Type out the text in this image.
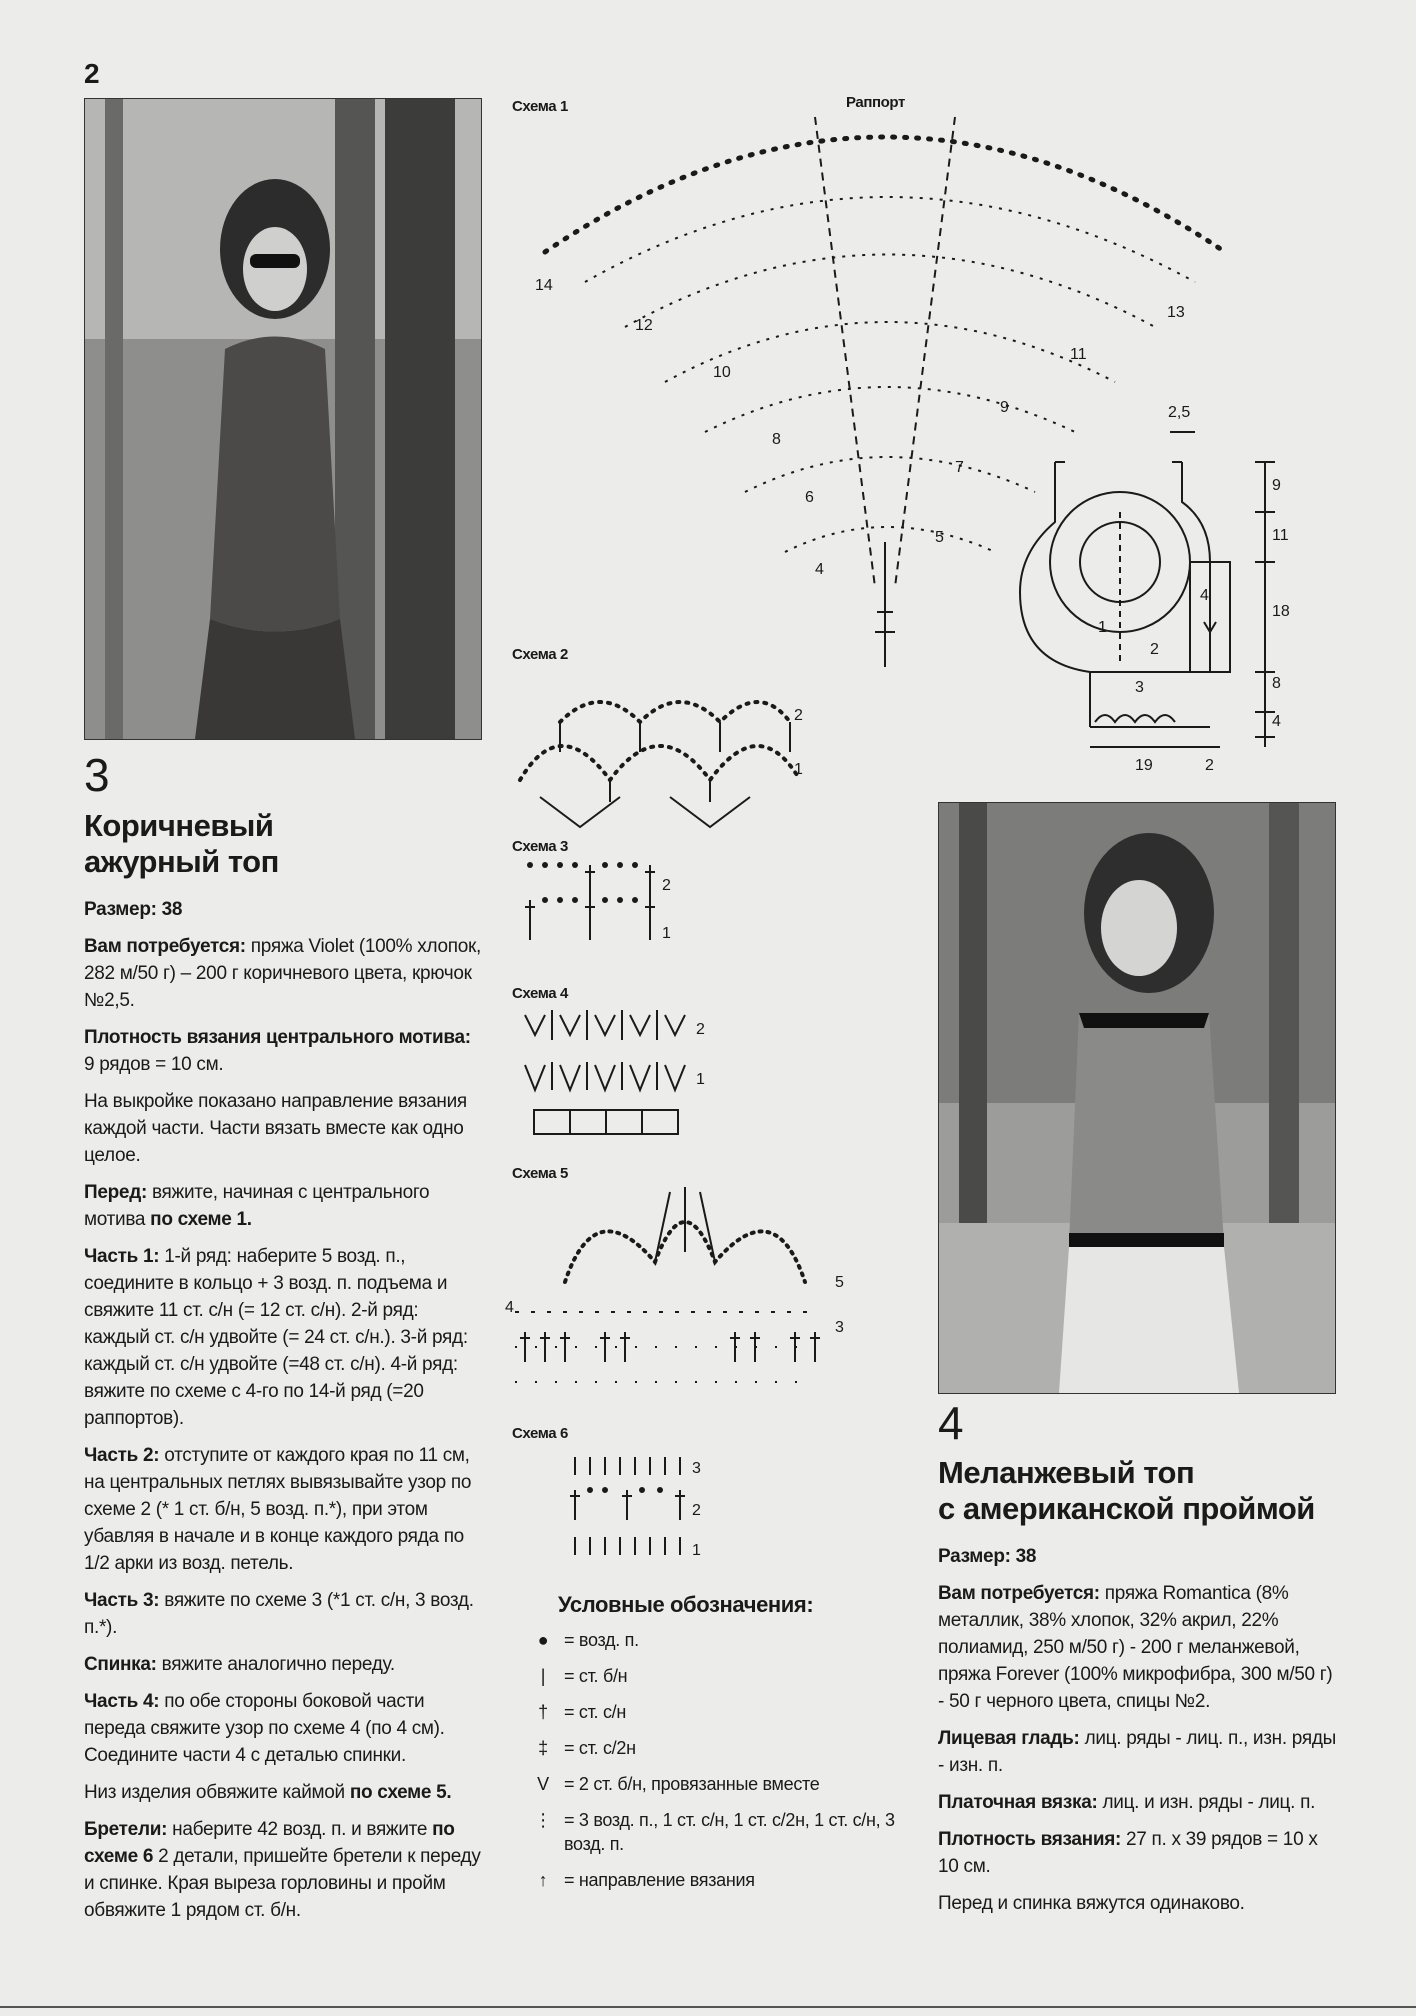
2
3
Коричневый
ажурный топ

Размер: 38

Вам потребуется: пряжа Violet (100% хлопок, 282 м/50 г) – 200 г коричневого цвета, крючок №2,5.

Плотность вязания центрального мотива: 9 рядов = 10 см.

На выкройке показано направление вязания каждой части. Части вязать вместе как одно целое.

Перед: вяжите, начиная с центрального мотива по схеме 1.

Часть 1: 1-й ряд: наберите 5 возд. п., соедините в кольцо + 3 возд. п. подъема и свяжите 11 ст. с/н (= 12 ст. с/н). 2-й ряд: каждый ст. с/н удвойте (= 24 ст. с/н.). 3-й ряд: каждый ст. с/н удвойте (=48 ст. с/н). 4-й ряд: вяжите по схеме с 4-го по 14-й ряд (=20 раппортов).

Часть 2: отступите от каждого края по 11 см, на центральных петлях вывязывайте узор по схеме 2 (* 1 ст. б/н, 5 возд. п.*), при этом убавляя в начале и в конце каждого ряда по 1/2 арки из возд. петель.

Часть 3: вяжите по схеме 3 (*1 ст. с/н, 3 возд. п.*).

Спинка: вяжите аналогично переду.

Часть 4: по обе стороны боковой части переда свяжите узор по схеме 4 (по 4 см). Соедините части 4 с деталью спинки.

Низ изделия обвяжите каймой по схеме 5.

Бретели: наберите 42 возд. п. и вяжите по схеме 6 2 детали, пришейте бретели к переду и спинке. Края выреза горловины и пройм обвяжите 1 рядом ст. б/н.

Схема 1	Раппорт
4
5
6
7
8
9
10
11
12
13
14
2,5
9
11
18
8
4
19	2
1
2
3
4
Схема 2
2
1
Схема 3
2
1
Схема 4
2
1
Схема 5
5
4
3
Схема 6
3
2
1
Условные обозначения:
● = возд. п.
|	= ст. б/н
† = ст. с/н
‡ = ст. с/2н
V = 2 ст. б/н, провязанные вместе
⋮ = 3 возд. п., 1 ст. с/н, 1 ст. с/2н, 1 ст. с/н, 3 возд. п.
↑ = направление вязания
4
Меланжевый топ
с американской проймой

Размер: 38

Вам потребуется: пряжа Romantica (8% металлик, 38% хлопок, 32% акрил, 22% полиамид, 250 м/50 г) - 200 г меланжевой, пряжа Forever (100% микрофибра, 300 м/50 г) - 50 г черного цвета, спицы №2.

Лицевая гладь: лиц. ряды - лиц. п., изн. ряды - изн. п.

Платочная вязка: лиц. и изн. ряды - лиц. п.

Плотность вязания: 27 п. х 39 рядов = 10 х 10 см.

Перед и спинка вяжутся одинаково.
